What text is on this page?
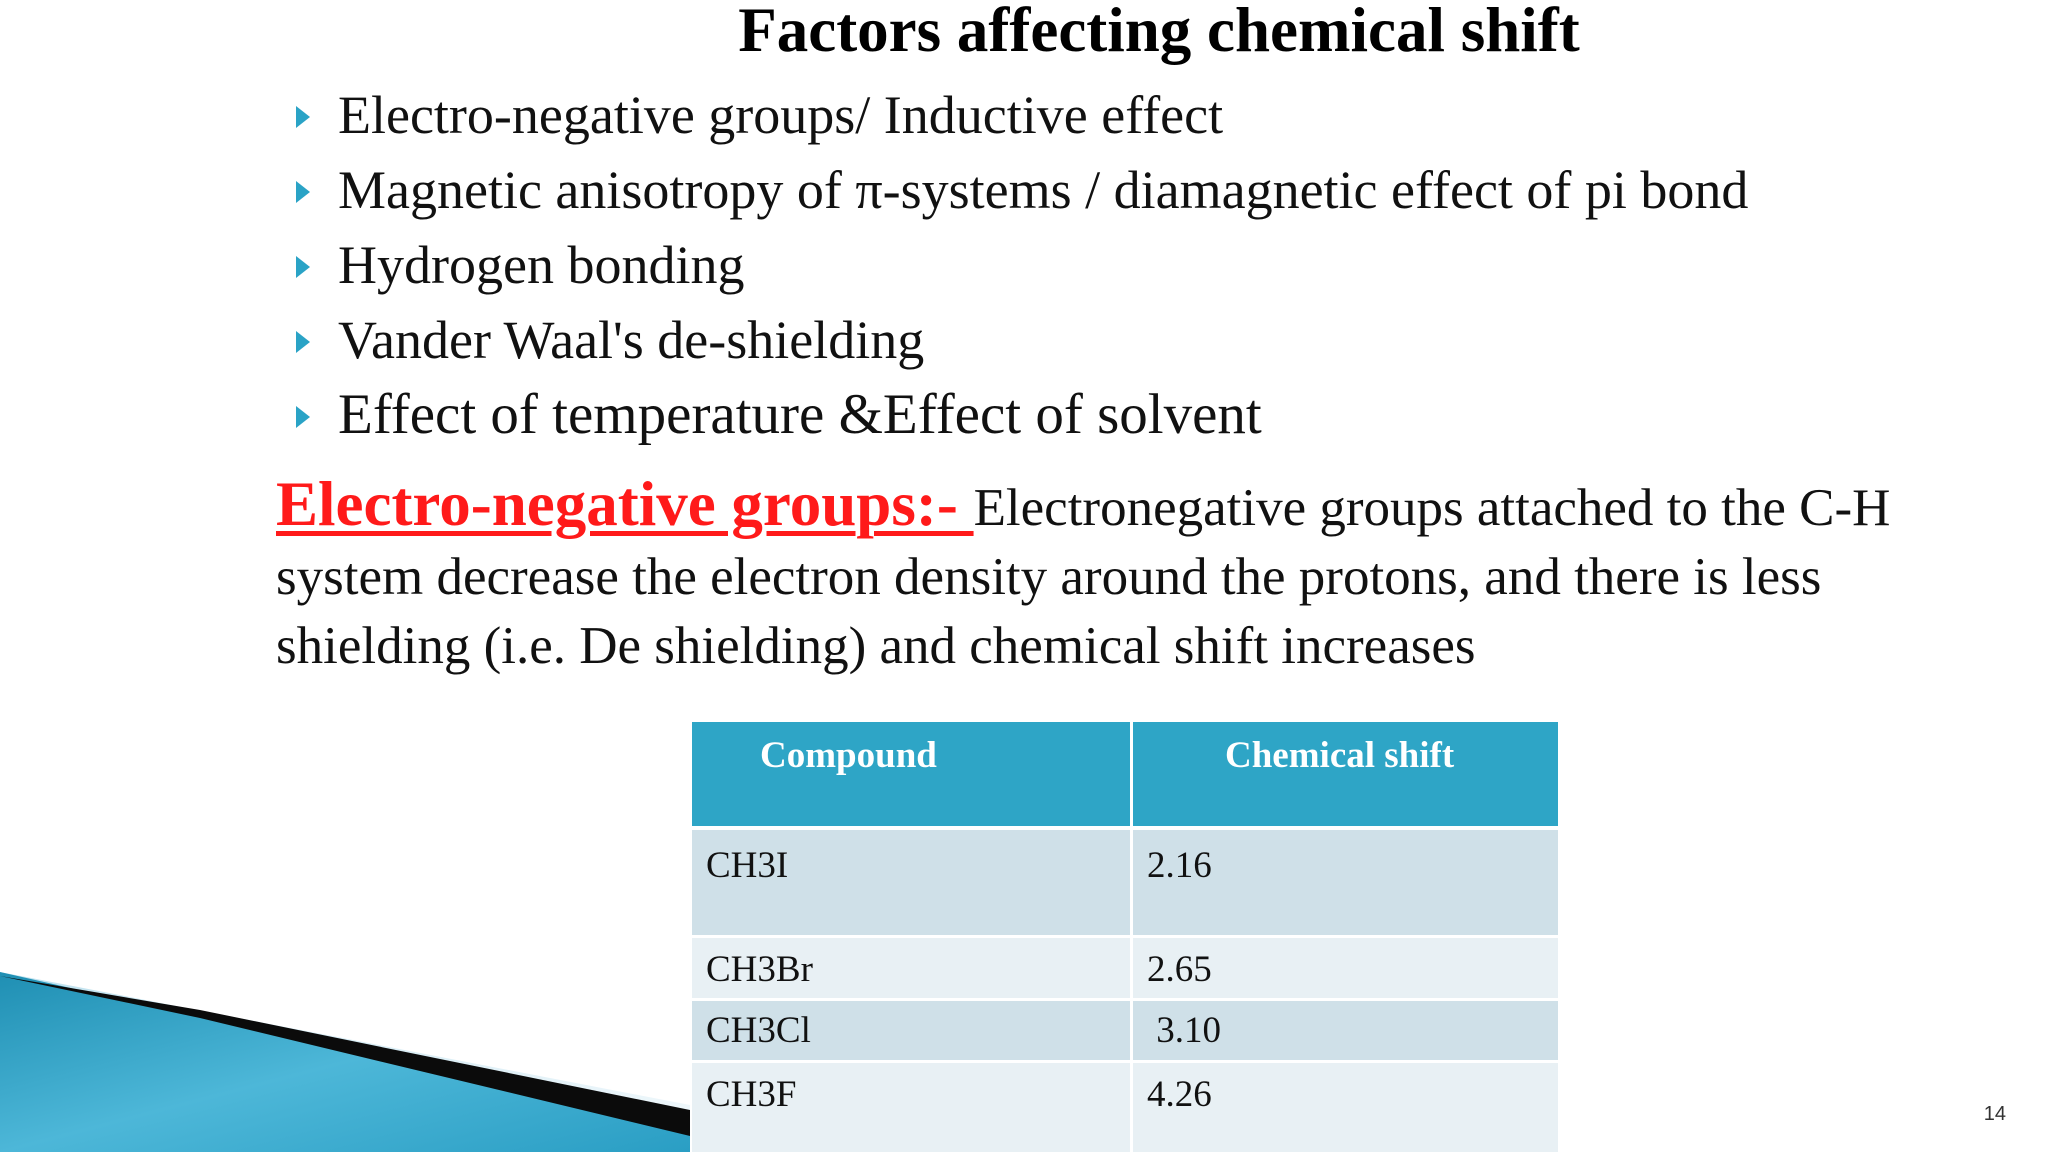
Factors affecting chemical shift
Electro-negative groups/ Inductive effect
Magnetic anisotropy of π-systems / diamagnetic effect of pi bond
Hydrogen bonding
Vander Waal's de-shielding
Effect of temperature &Effect of solvent
Electro-negative groups:- Electronegative groups attached to the C-H
system decrease the electron density around the protons, and there is less
shielding (i.e. De shielding) and chemical shift increases
Compound	Chemical shift

CH3I	2.16

CH3Br	2.65

CH3Cl	3.10

CH3F	4.26	14
